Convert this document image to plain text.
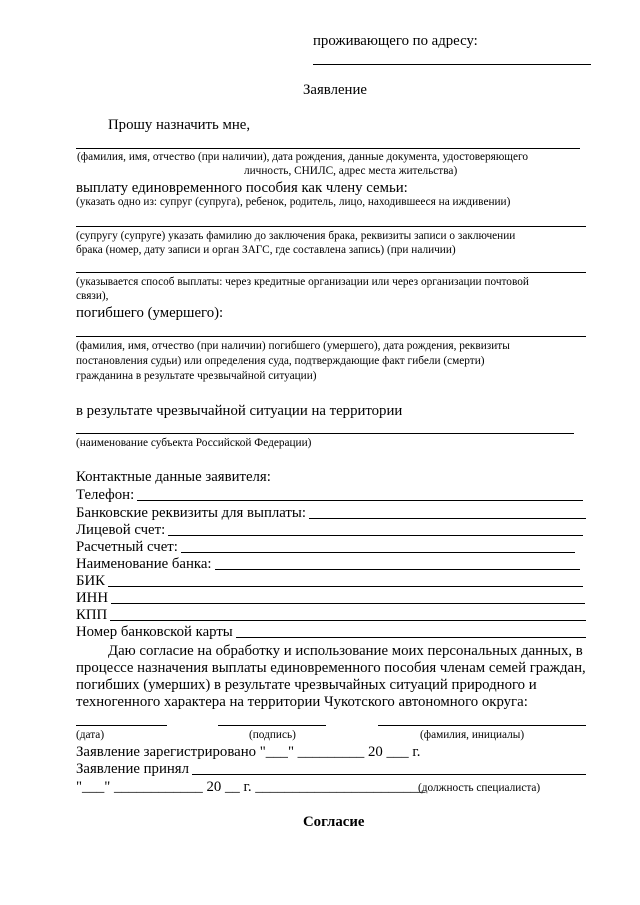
проживающего по адресу:
Заявление
Прошу назначить мне,
(фамилия, имя, отчество (при наличии), дата рождения, данные документа, удостоверяющего
личность, СНИЛС, адрес места жительства)
выплату единовременного пособия как члену семьи:
(указать одно из: супруг (супруга), ребенок, родитель, лицо, находившееся на иждивении)
(супругу (супруге) указать фамилию до заключения брака, реквизиты записи о заключении
брака (номер, дату записи и орган ЗАГС, где составлена запись) (при наличии)
(указывается способ выплаты: через кредитные организации или через организации почтовой
связи),
погибшего (умершего):
(фамилия, имя, отчество (при наличии) погибшего (умершего), дата рождения, реквизиты
постановления судьи) или определения суда, подтверждающие факт гибели (смерти)
гражданина в результате чрезвычайной ситуации)
в результате чрезвычайной ситуации на территории
(наименование субъекта Российской Федерации)
Контактные данные заявителя:
Телефон:
Банковские реквизиты для выплаты:
Лицевой счет:
Расчетный счет:
Наименование банка:
БИК
ИНН
КПП
Номер банковской карты
Даю согласие на обработку и использование моих персональных данных, в
процессе назначения выплаты единовременного пособия членам семей граждан,
погибших (умерших) в результате чрезвычайных ситуаций природного и
техногенного характера на территории Чукотского автономного округа:
(дата)	(подпись)	(фамилия, инициалы)
Заявление зарегистрировано "___" _________ 20 ___ г.
Заявление принял
"___" ____________ 20 __ г. _______________________
(должность специалиста)
Согласие
